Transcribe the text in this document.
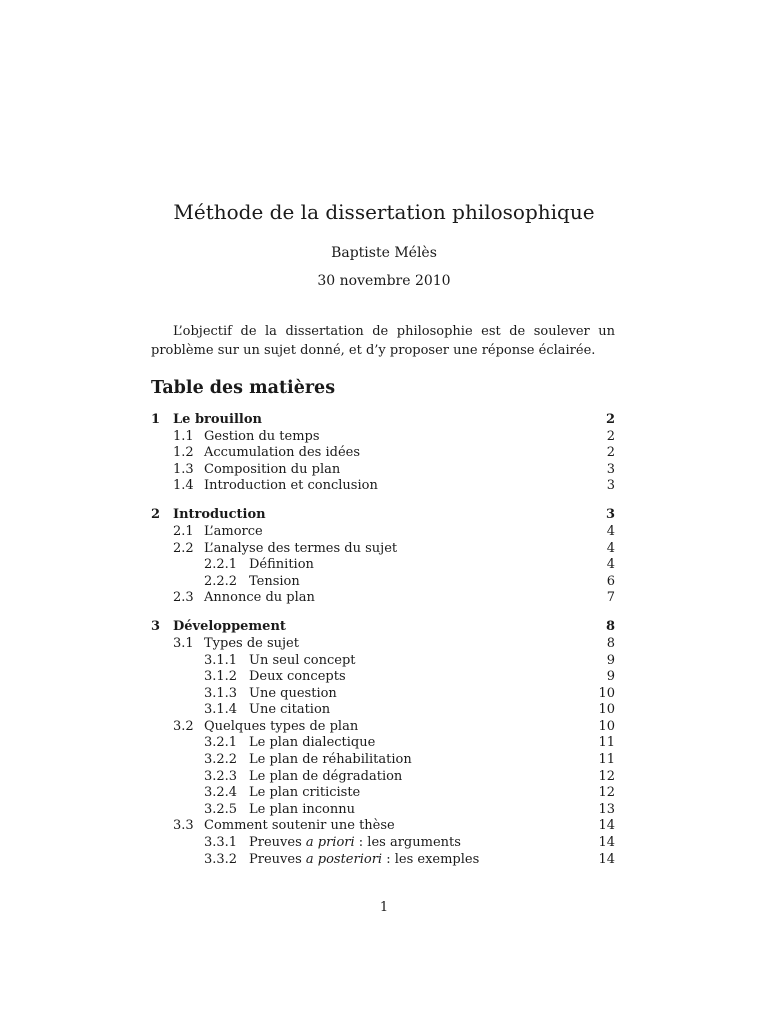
Méthode de la dissertation philosophique
Baptiste Mélès
30 novembre 2010
L’objectif de la dissertation de philosophie est de soulever un problème sur un sujet donné, et d’y proposer une réponse éclairée.
Table des matières
1 Le brouillon	2
1.1 Gestion du temps	2
1.2 Accumulation des idées	2
1.3 Composition du plan	3
1.4 Introduction et conclusion	3
2 Introduction	3
2.1 L’amorce	4
2.2 L’analyse des termes du sujet	4
2.2.1 Définition	4
2.2.2 Tension	6
2.3 Annonce du plan	7
3 Développement	8
3.1 Types de sujet	8
3.1.1 Un seul concept	9
3.1.2 Deux concepts	9
3.1.3 Une question	10
3.1.4 Une citation	10
3.2 Quelques types de plan	10
3.2.1 Le plan dialectique	11
3.2.2 Le plan de réhabilitation	11
3.2.3 Le plan de dégradation	12
3.2.4 Le plan criticiste	12
3.2.5 Le plan inconnu	13
3.3 Comment soutenir une thèse	14
3.3.1 Preuves a priori : les arguments	14
3.3.2 Preuves a posteriori : les exemples	14
1
